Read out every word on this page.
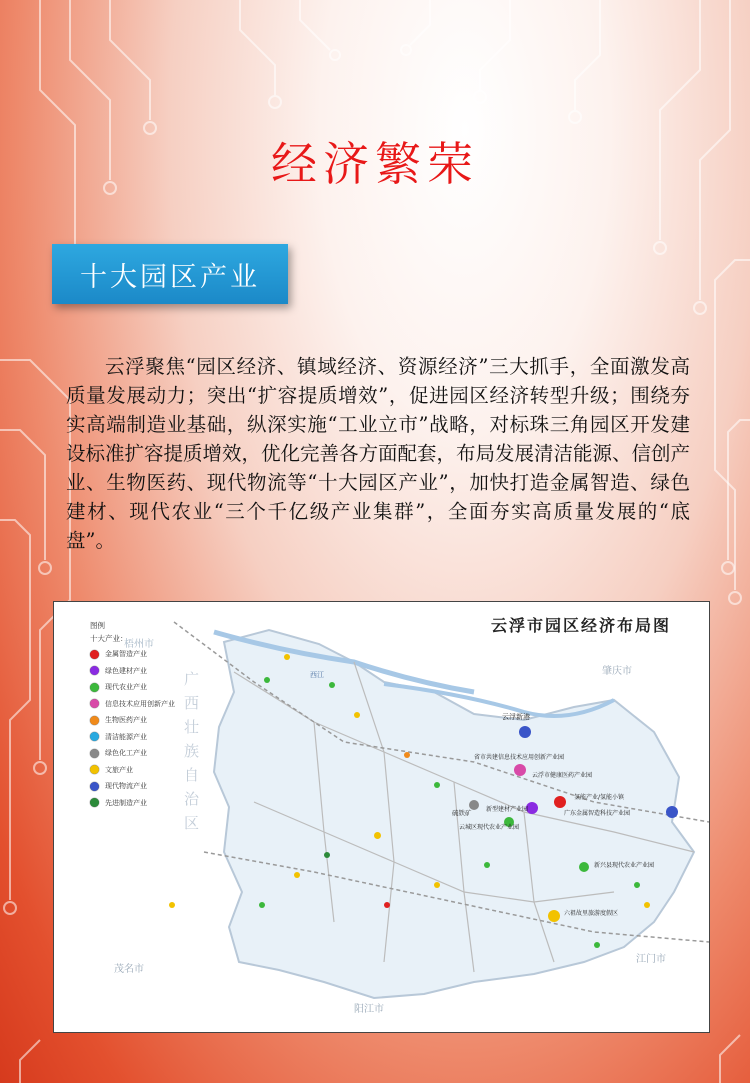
经济繁荣
十大园区产业

云浮聚焦“园区经济、镇域经济、资源经济”三大抓手，全面激发高质量发展动力；突出“扩容提质增效”，促进园区经济转型升级；围绕夯实高端制造业基础，纵深实施“工业立市”战略，对标珠三角园区开发建设标准扩容提质增效，优化完善各方面配套，布局发展清洁能源、信创产业、生物医药、现代物流等“十大园区产业”，加快打造金属智造、绿色建材、现代农业“三个千亿级产业集群”，全面夯实高质量发展的“底盘”。

梧州市
广西壮族自治区
肇庆市
茂名市
阳江市
江门市
西江
云浮市园区经济布局图
图例
十大产业：
金属智造产业
绿色建材产业
现代农业产业
信息技术应用创新产业
生物医药产业
清洁能源产业
绿色化工产业
文旅产业
现代物流产业
先进制造产业
云浮新港
省市共建信息技术应用创新产业园
云浮市健康医药产业园
硫铁矿 新型建材产业园
云城区现代农业产业园
氢能产业/氢能小镇
广东金属智造科技产业园
新兴县现代农业产业园
六祖故里旅游度假区
